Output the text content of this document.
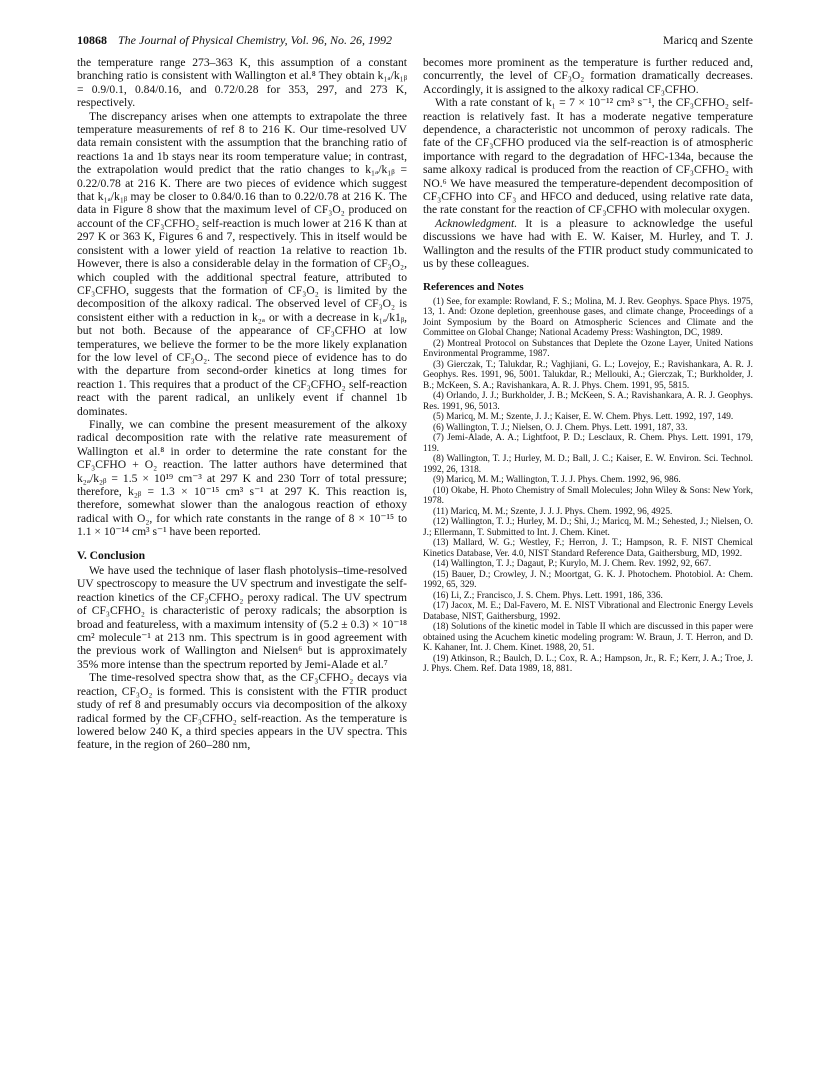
10868 The Journal of Physical Chemistry, Vol. 96, No. 26, 1992	Maricq and Szente

the temperature range 273–363 K, this assumption of a constant branching ratio is consistent with Wallington et al.⁸ They obtain k₁ₐ/k₁ᵦ = 0.9/0.1, 0.84/0.16, and 0.72/0.28 for 353, 297, and 273 K, respectively.

The discrepancy arises when one attempts to extrapolate the three temperature measurements of ref 8 to 216 K. Our time-resolved UV data remain consistent with the assumption that the branching ratio of reactions 1a and 1b stays near its room temperature value; in contrast, the extrapolation would predict that the ratio changes to k₁ₐ/k₁ᵦ = 0.22/0.78 at 216 K. There are two pieces of evidence which suggest that k₁ₐ/k₁ᵦ may be closer to 0.84/0.16 than to 0.22/0.78 at 216 K. The data in Figure 8 show that the maximum level of CF₃O₂ produced on account of the CF₃CFHO₂ self-reaction is much lower at 216 K than at 297 K or 363 K, Figures 6 and 7, respectively. This in itself would be consistent with a lower yield of reaction 1a relative to reaction 1b. However, there is also a considerable delay in the formation of CF₃O₂, which coupled with the additional spectral feature, attributed to CF₃CFHO, suggests that the formation of CF₃O₂ is limited by the decomposition of the alkoxy radical. The observed level of CF₃O₂ is consistent either with a reduction in k₂ₐ or with a decrease in k₁ₐ/k1ᵦ, but not both. Because of the appearance of CF₃CFHO at low temperatures, we believe the former to be the more likely explanation for the low level of CF₃O₂. The second piece of evidence has to do with the departure from second-order kinetics at long times for reaction 1. This requires that a product of the CF₃CFHO₂ self-reaction react with the parent radical, an unlikely event if channel 1b dominates.

Finally, we can combine the present measurement of the alkoxy radical decomposition rate with the relative rate measurement of Wallington et al.⁸ in order to determine the rate constant for the CF₃CFHO + O₂ reaction. The latter authors have determined that k₂ₐ/k₂ᵦ = 1.5 × 10¹⁹ cm⁻³ at 297 K and 230 Torr of total pressure; therefore, k₂ᵦ = 1.3 × 10⁻¹⁵ cm³ s⁻¹ at 297 K. This reaction is, therefore, somewhat slower than the analogous reaction of ethoxy radical with O₂, for which rate constants in the range of 8 × 10⁻¹⁵ to 1.1 × 10⁻¹⁴ cm³ s⁻¹ have been reported.

V. Conclusion

We have used the technique of laser flash photolysis–time-resolved UV spectroscopy to measure the UV spectrum and investigate the self-reaction kinetics of the CF₃CFHO₂ peroxy radical. The UV spectrum of CF₃CFHO₂ is characteristic of peroxy radicals; the absorption is broad and featureless, with a maximum intensity of (5.2 ± 0.3) × 10⁻¹⁸ cm² molecule⁻¹ at 213 nm. This spectrum is in good agreement with the previous work of Wallington and Nielsen⁶ but is approximately 35% more intense than the spectrum reported by Jemi-Alade et al.⁷

The time-resolved spectra show that, as the CF₃CFHO₂ decays via reaction, CF₃O₂ is formed. This is consistent with the FTIR product study of ref 8 and presumably occurs via decomposition of the alkoxy radical formed by the CF₃CFHO₂ self-reaction. As the temperature is lowered below 240 K, a third species appears in the UV spectra. This feature, in the region of 260–280 nm,

becomes more prominent as the temperature is further reduced and, concurrently, the level of CF₃O₂ formation dramatically decreases. Accordingly, it is assigned to the alkoxy radical CF₃CFHO.

With a rate constant of k₁ = 7 × 10⁻¹² cm³ s⁻¹, the CF₃CFHO₂ self-reaction is relatively fast. It has a moderate negative temperature dependence, a characteristic not uncommon of peroxy radicals. The fate of the CF₃CFHO produced via the self-reaction is of atmospheric importance with regard to the degradation of HFC-134a, because the same alkoxy radical is produced from the reaction of CF₃CFHO₂ with NO.⁶ We have measured the temperature-dependent decomposition of CF₃CFHO into CF₃ and HFCO and deduced, using relative rate data, the rate constant for the reaction of CF₃CFHO with molecular oxygen.

Acknowledgment. It is a pleasure to acknowledge the useful discussions we have had with E. W. Kaiser, M. Hurley, and T. J. Wallington and the results of the FTIR product study communicated to us by these colleagues.

References and Notes

(1) See, for example: Rowland, F. S.; Molina, M. J. Rev. Geophys. Space Phys. 1975, 13, 1. And: Ozone depletion, greenhouse gases, and climate change, Proceedings of a Joint Symposium by the Board on Atmospheric Sciences and Climate and the Committee on Global Change; National Academy Press: Washington, DC, 1989.

(2) Montreal Protocol on Substances that Deplete the Ozone Layer, United Nations Environmental Programme, 1987.

(3) Gierczak, T.; Talukdar, R.; Vaghjiani, G. L.; Lovejoy, E.; Ravishankara, A. R. J. Geophys. Res. 1991, 96, 5001. Talukdar, R.; Mellouki, A.; Gierczak, T.; Burkholder, J. B.; McKeen, S. A.; Ravishankara, A. R. J. Phys. Chem. 1991, 95, 5815.

(4) Orlando, J. J.; Burkholder, J. B.; McKeen, S. A.; Ravishankara, A. R. J. Geophys. Res. 1991, 96, 5013.

(5) Maricq, M. M.; Szente, J. J.; Kaiser, E. W. Chem. Phys. Lett. 1992, 197, 149.

(6) Wallington, T. J.; Nielsen, O. J. Chem. Phys. Lett. 1991, 187, 33.

(7) Jemi-Alade, A. A.; Lightfoot, P. D.; Lesclaux, R. Chem. Phys. Lett. 1991, 179, 119.

(8) Wallington, T. J.; Hurley, M. D.; Ball, J. C.; Kaiser, E. W. Environ. Sci. Technol. 1992, 26, 1318.

(9) Maricq, M. M.; Wallington, T. J. J. Phys. Chem. 1992, 96, 986.

(10) Okabe, H. Photo Chemistry of Small Molecules; John Wiley & Sons: New York, 1978.

(11) Maricq, M. M.; Szente, J. J. J. Phys. Chem. 1992, 96, 4925.

(12) Wallington, T. J.; Hurley, M. D.; Shi, J.; Maricq, M. M.; Sehested, J.; Nielsen, O. J.; Ellermann, T. Submitted to Int. J. Chem. Kinet.

(13) Mallard, W. G.; Westley, F.; Herron, J. T.; Hampson, R. F. NIST Chemical Kinetics Database, Ver. 4.0, NIST Standard Reference Data, Gaithersburg, MD, 1992.

(14) Wallington, T. J.; Dagaut, P.; Kurylo, M. J. Chem. Rev. 1992, 92, 667.

(15) Bauer, D.; Crowley, J. N.; Moortgat, G. K. J. Photochem. Photobiol. A: Chem. 1992, 65, 329.

(16) Li, Z.; Francisco, J. S. Chem. Phys. Lett. 1991, 186, 336.

(17) Jacox, M. E.; Dal-Favero, M. E. NIST Vibrational and Electronic Energy Levels Database, NIST, Gaithersburg, 1992.

(18) Solutions of the kinetic model in Table II which are discussed in this paper were obtained using the Acuchem kinetic modeling program: W. Braun, J. T. Herron, and D. K. Kahaner, Int. J. Chem. Kinet. 1988, 20, 51.

(19) Atkinson, R.; Baulch, D. L.; Cox, R. A.; Hampson, Jr., R. F.; Kerr, J. A.; Troe, J. J. Phys. Chem. Ref. Data 1989, 18, 881.
